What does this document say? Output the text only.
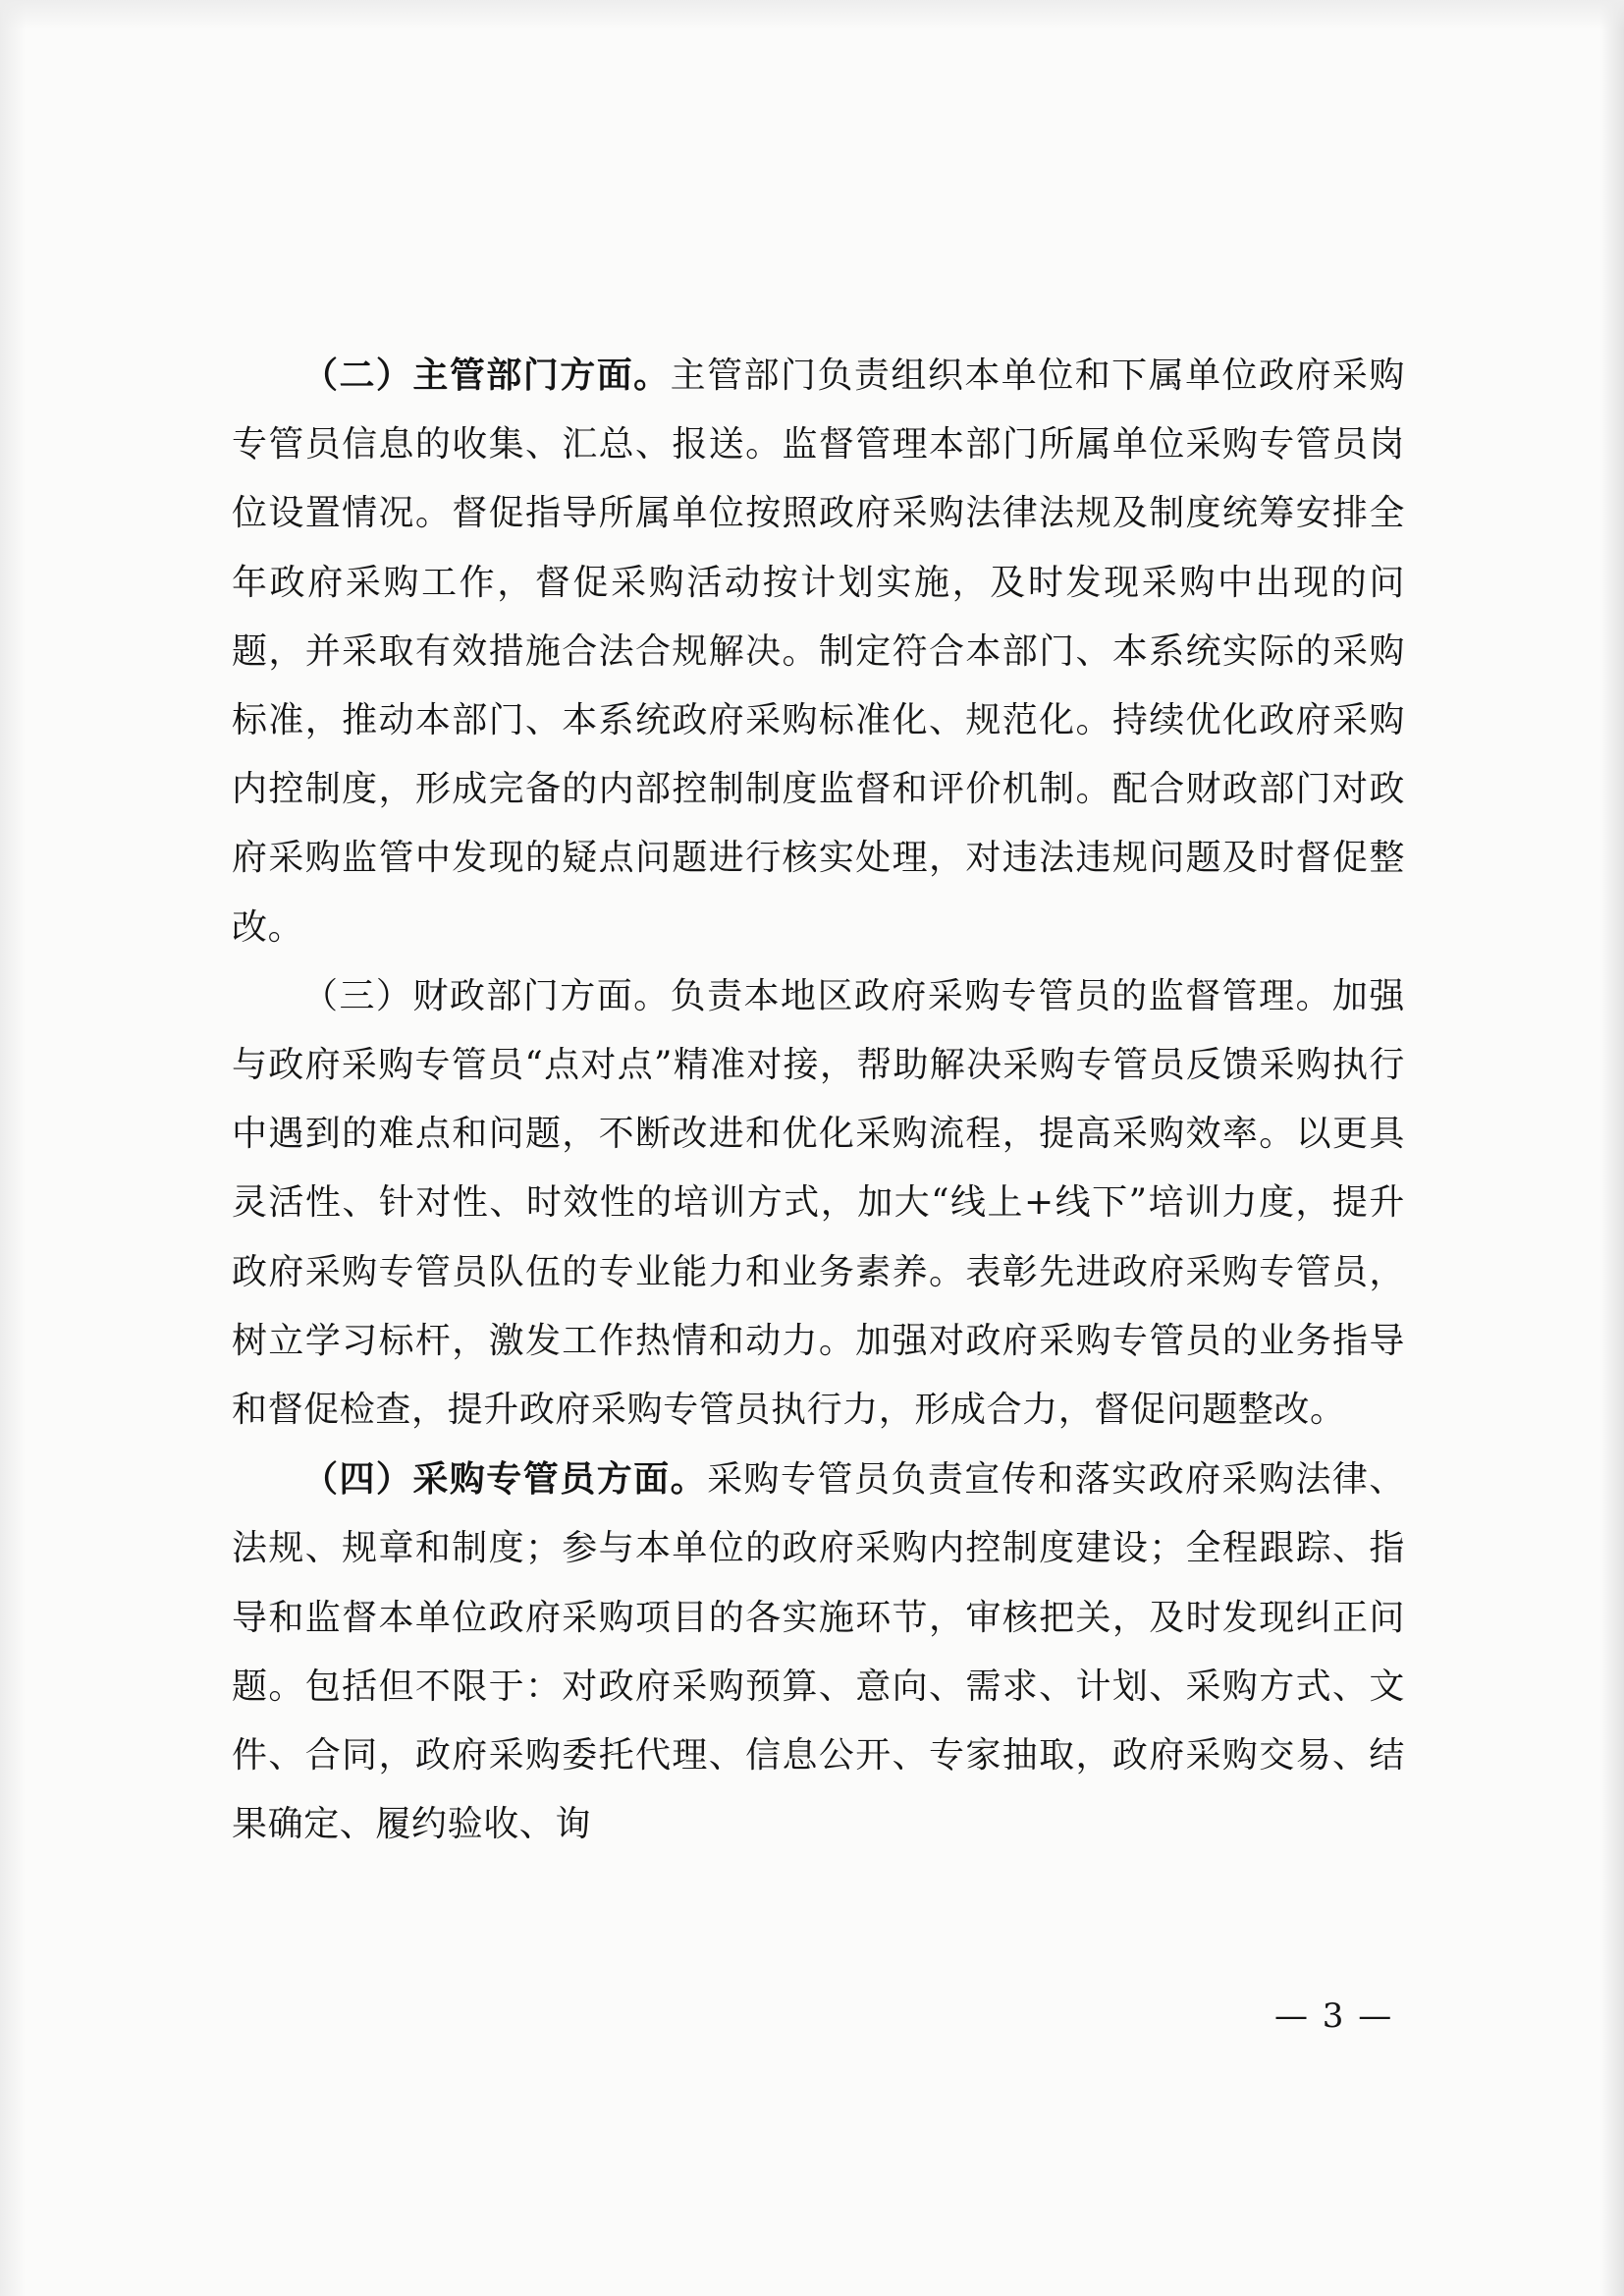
（二）主管部门方面。主管部门负责组织本单位和下属单位政府采购专管员信息的收集、汇总、报送。监督管理本部门所属单位采购专管员岗位设置情况。督促指导所属单位按照政府采购法律法规及制度统筹安排全年政府采购工作，督促采购活动按计划实施，及时发现采购中出现的问题，并采取有效措施合法合规解决。制定符合本部门、本系统实际的采购标准，推动本部门、本系统政府采购标准化、规范化。持续优化政府采购内控制度，形成完备的内部控制制度监督和评价机制。配合财政部门对政府采购监管中发现的疑点问题进行核实处理，对违法违规问题及时督促整改。

（三）财政部门方面。负责本地区政府采购专管员的监督管理。加强与政府采购专管员“点对点”精准对接，帮助解决采购专管员反馈采购执行中遇到的难点和问题，不断改进和优化采购流程，提高采购效率。以更具灵活性、针对性、时效性的培训方式，加大“线上+线下”培训力度，提升政府采购专管员队伍的专业能力和业务素养。表彰先进政府采购专管员，树立学习标杆，激发工作热情和动力。加强对政府采购专管员的业务指导和督促检查，提升政府采购专管员执行力，形成合力，督促问题整改。

（四）采购专管员方面。采购专管员负责宣传和落实政府采购法律、法规、规章和制度；参与本单位的政府采购内控制度建设；全程跟踪、指导和监督本单位政府采购项目的各实施环节，审核把关，及时发现纠正问题。包括但不限于：对政府采购预算、意向、需求、计划、采购方式、文件、合同，政府采购委托代理、信息公开、专家抽取，政府采购交易、结果确定、履约验收、询

— 3 —
